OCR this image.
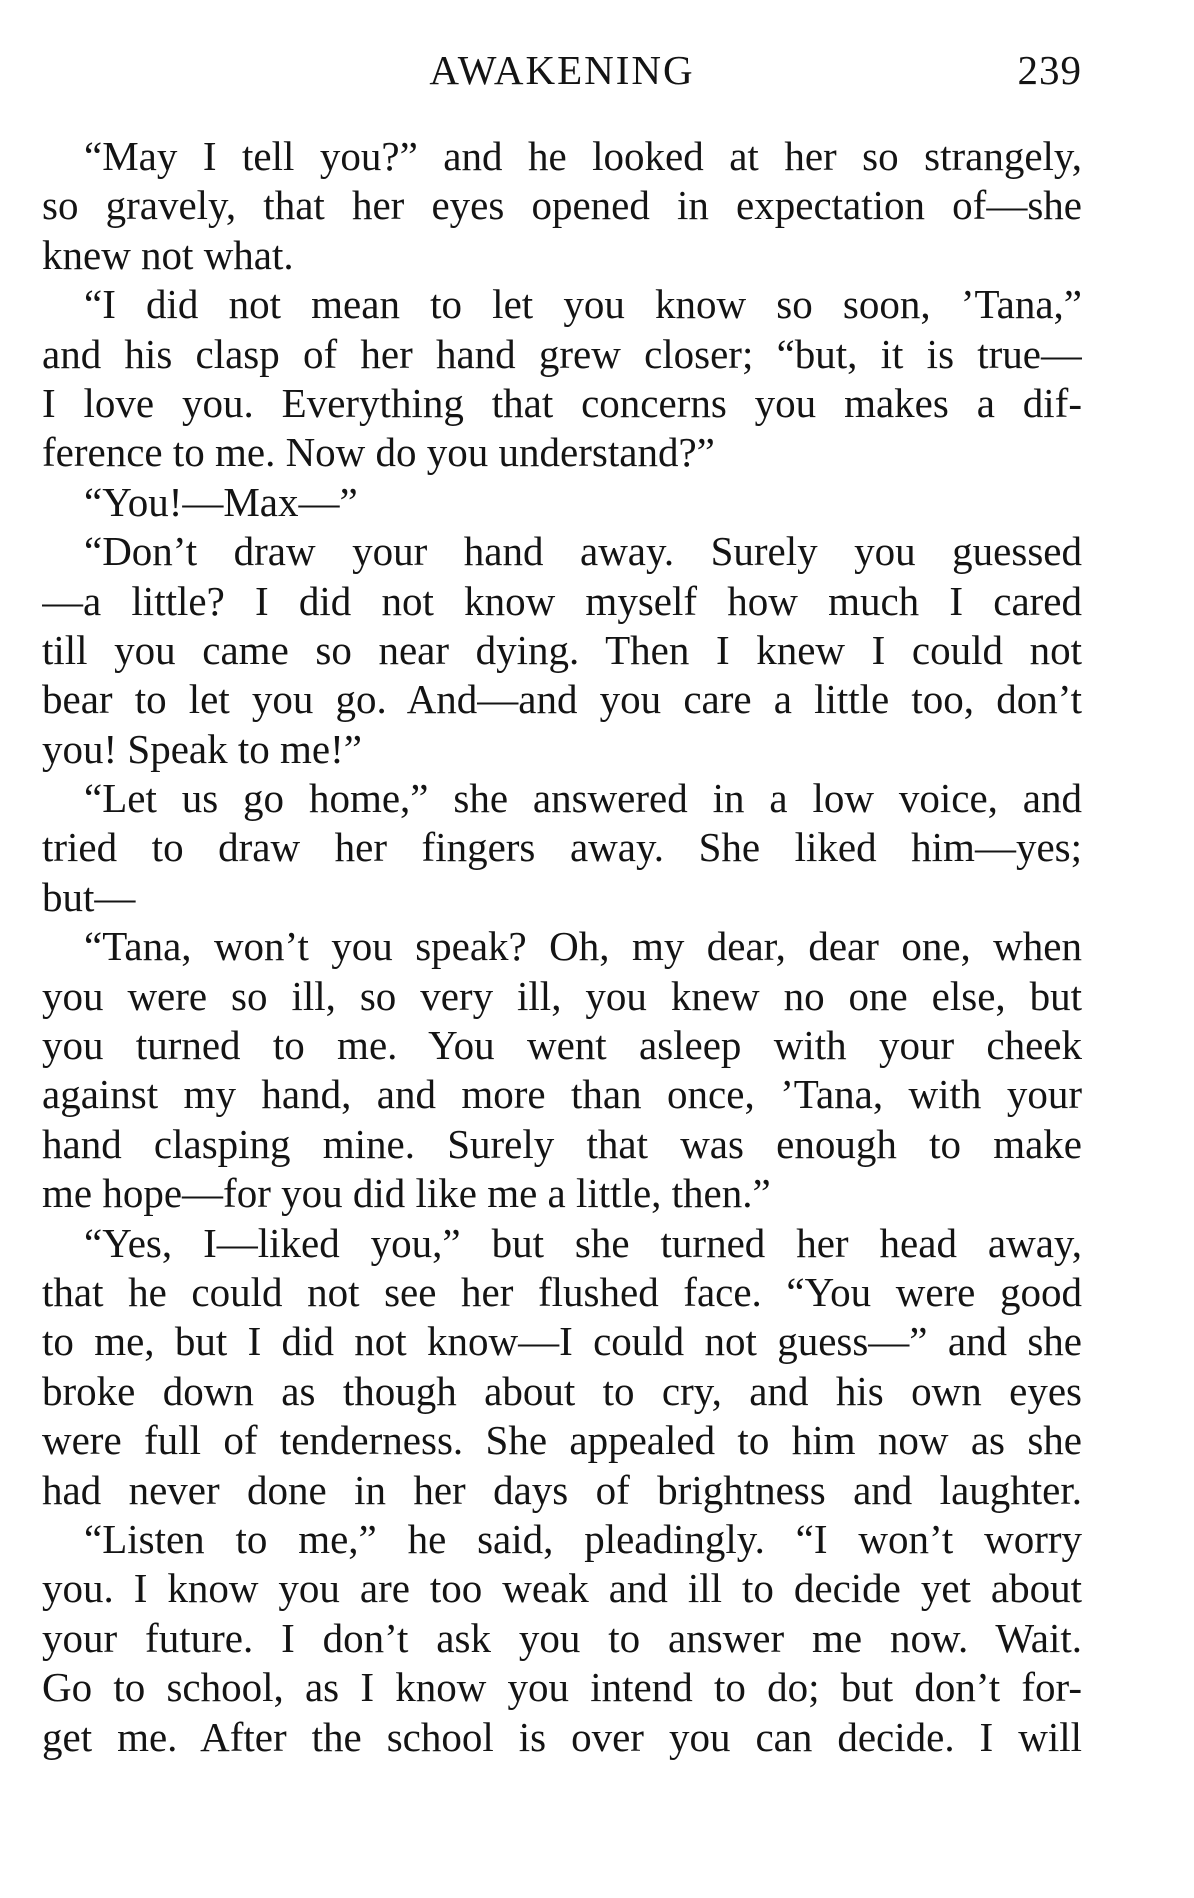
AWAKENING	239
“May I tell you?” and he looked at her so strangely,
so gravely, that her eyes opened in expectation of—she
knew not what.
“I did not mean to let you know so soon, ’Tana,”
and his clasp of her hand grew closer; “but, it is true—
I love you. Everything that concerns you makes a dif-
ference to me. Now do you understand?”
“You!—Max—”
“Don’t draw your hand away. Surely you guessed
—a little? I did not know myself how much I cared
till you came so near dying. Then I knew I could not
bear to let you go. And—and you care a little too, don’t
you! Speak to me!”
“Let us go home,” she answered in a low voice, and
tried to draw her fingers away. She liked him—yes;
but—
“Tana, won’t you speak? Oh, my dear, dear one, when
you were so ill, so very ill, you knew no one else, but
you turned to me. You went asleep with your cheek
against my hand, and more than once, ’Tana, with your
hand clasping mine. Surely that was enough to make
me hope—for you did like me a little, then.”
“Yes, I—liked you,” but she turned her head away,
that he could not see her flushed face. “You were good
to me, but I did not know—I could not guess—” and she
broke down as though about to cry, and his own eyes
were full of tenderness. She appealed to him now as she
had never done in her days of brightness and laughter.
“Listen to me,” he said, pleadingly. “I won’t worry
you. I know you are too weak and ill to decide yet about
your future. I don’t ask you to answer me now. Wait.
Go to school, as I know you intend to do; but don’t for-
get me. After the school is over you can decide. I will
